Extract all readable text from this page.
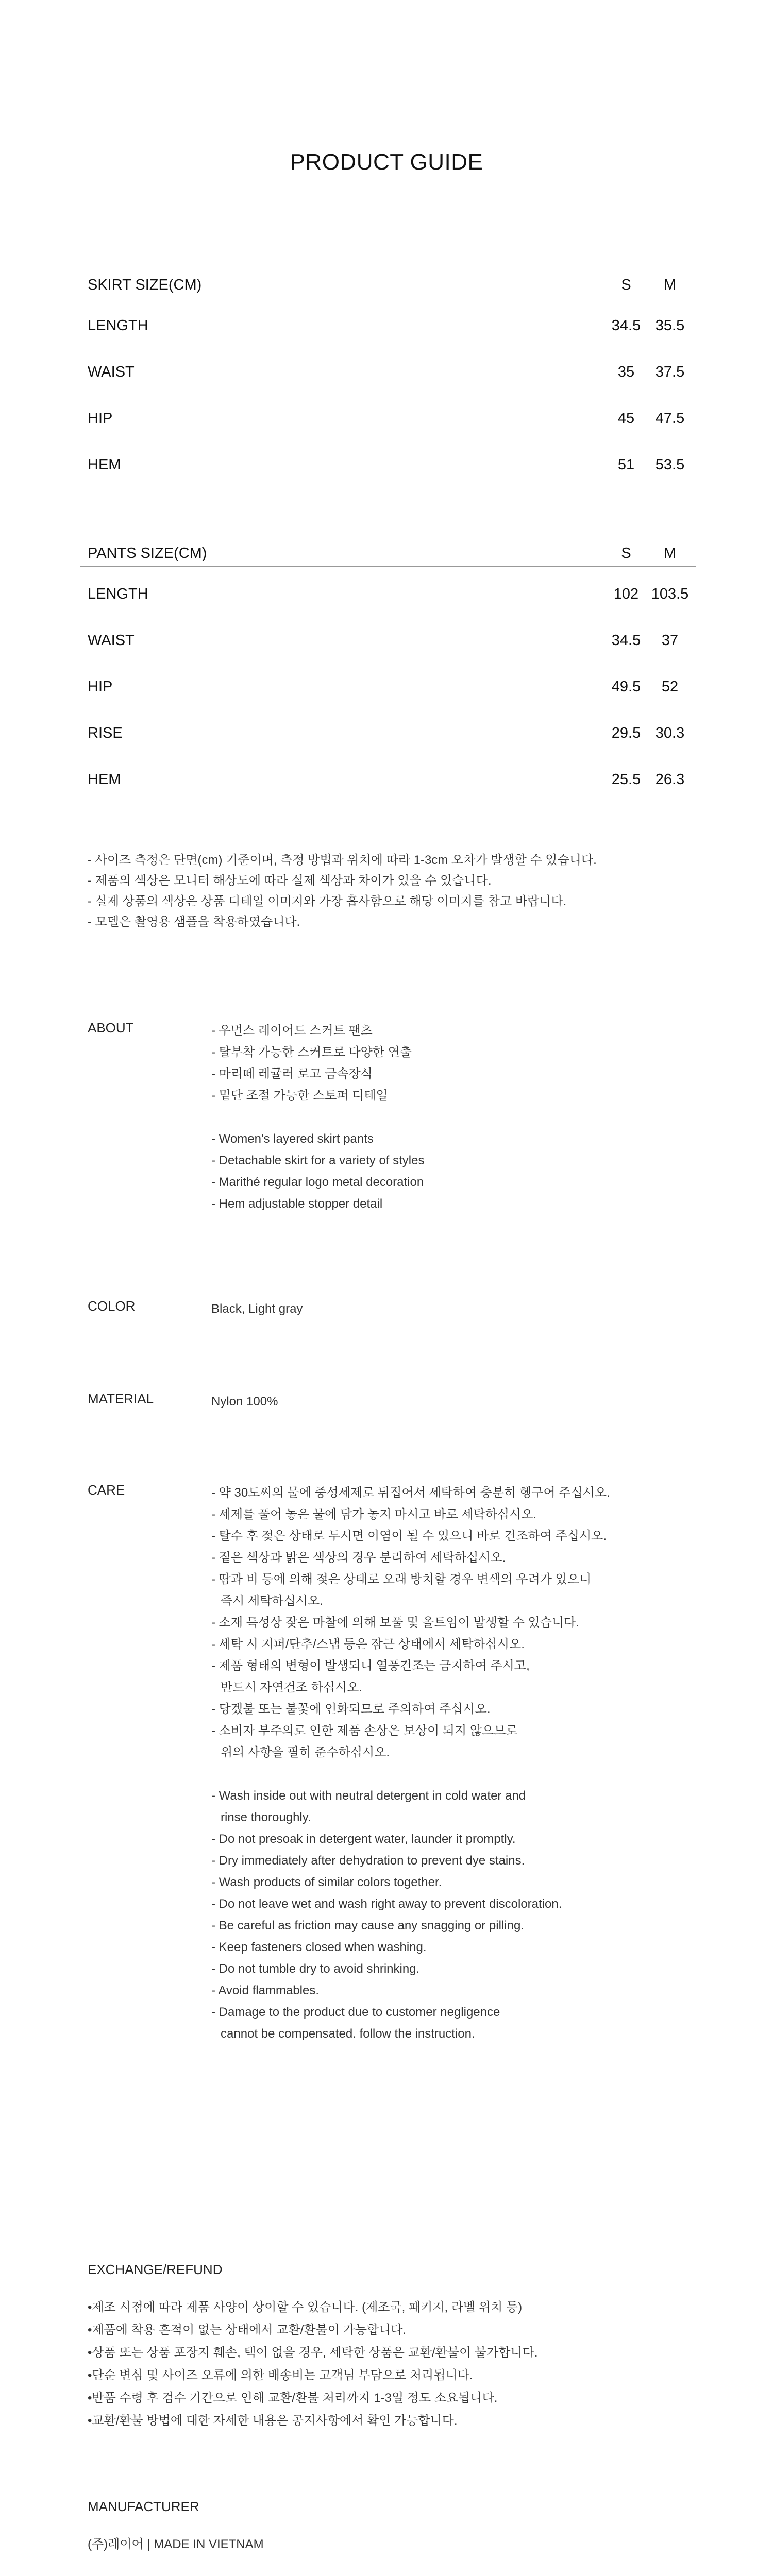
PRODUCT GUIDE
SKIRT SIZE(CM)	S	M
LENGTH	34.5 35.5
WAIST	35	37.5
HIP	45	47.5
HEM	51	53.5
PANTS SIZE(CM)	S	M
LENGTH	102 103.5
WAIST	34.5	37
HIP	49.5	52
RISE	29.5 30.3
HEM	25.5 26.3
- 사이즈 측정은 단면(cm) 기준이며, 측정 방법과 위치에 따라 1-3cm 오차가 발생할 수 있습니다.
- 제품의 색상은 모니터 해상도에 따라 실제 색상과 차이가 있을 수 있습니다.
- 실제 상품의 색상은 상품 디테일 이미지와 가장 흡사함으로 해당 이미지를 참고 바랍니다.
- 모델은 촬영용 샘플을 착용하였습니다.
ABOUT	- 우먼스 레이어드 스커트 팬츠
- 탈부착 가능한 스커트로 다양한 연출
- 마리떼 레귤러 로고 금속장식
- 밑단 조절 가능한 스토퍼 디테일
- Women's layered skirt pants
- Detachable skirt for a variety of styles
- Marithé regular logo metal decoration
- Hem adjustable stopper detail
COLOR	Black, Light gray
MATERIAL	Nylon 100%
CARE	- 약 30도씨의 물에 중성세제로 뒤집어서 세탁하여 충분히 헹구어 주십시오.
- 세제를 풀어 놓은 물에 담가 놓지 마시고 바로 세탁하십시오.
- 탈수 후 젖은 상태로 두시면 이염이 될 수 있으니 바로 건조하여 주십시오.
- 짙은 색상과 밝은 색상의 경우 분리하여 세탁하십시오.
- 땀과 비 등에 의해 젖은 상태로 오래 방치할 경우 변색의 우려가 있으니
즉시 세탁하십시오.
- 소재 특성상 잦은 마찰에 의해 보풀 및 올트임이 발생할 수 있습니다.
- 세탁 시 지퍼/단추/스냅 등은 잠근 상태에서 세탁하십시오.
- 제품 형태의 변형이 발생되니 열풍건조는 금지하여 주시고,
반드시 자연건조 하십시오.
- 당겠불 또는 불꽃에 인화되므로 주의하여 주십시오.
- 소비자 부주의로 인한 제품 손상은 보상이 되지 않으므로
위의 사항을 필히 준수하십시오.
- Wash inside out with neutral detergent in cold water and
rinse thoroughly.
- Do not presoak in detergent water, launder it promptly.
- Dry immediately after dehydration to prevent dye stains.
- Wash products of similar colors together.
- Do not leave wet and wash right away to prevent discoloration.
- Be careful as friction may cause any snagging or pilling.
- Keep fasteners closed when washing.
- Do not tumble dry to avoid shrinking.
- Avoid flammables.
- Damage to the product due to customer negligence
cannot be compensated. follow the instruction.
EXCHANGE/REFUND
•제조 시점에 따라 제품 사양이 상이할 수 있습니다. (제조국, 패키지, 라벨 위치 등)
•제품에 착용 흔적이 없는 상태에서 교환/환불이 가능합니다.
•상품 또는 상품 포장지 훼손, 택이 없을 경우, 세탁한 상품은 교환/환불이 불가합니다.
•단순 변심 및 사이즈 오류에 의한 배송비는 고객님 부담으로 처리됩니다.
•반품 수령 후 검수 기간으로 인해 교환/환불 처리까지 1-3일 정도 소요됩니다.
•교환/환불 방법에 대한 자세한 내용은 공지사항에서 확인 가능합니다.
MANUFACTURER
(주)레이어 | MADE IN VIETNAM
